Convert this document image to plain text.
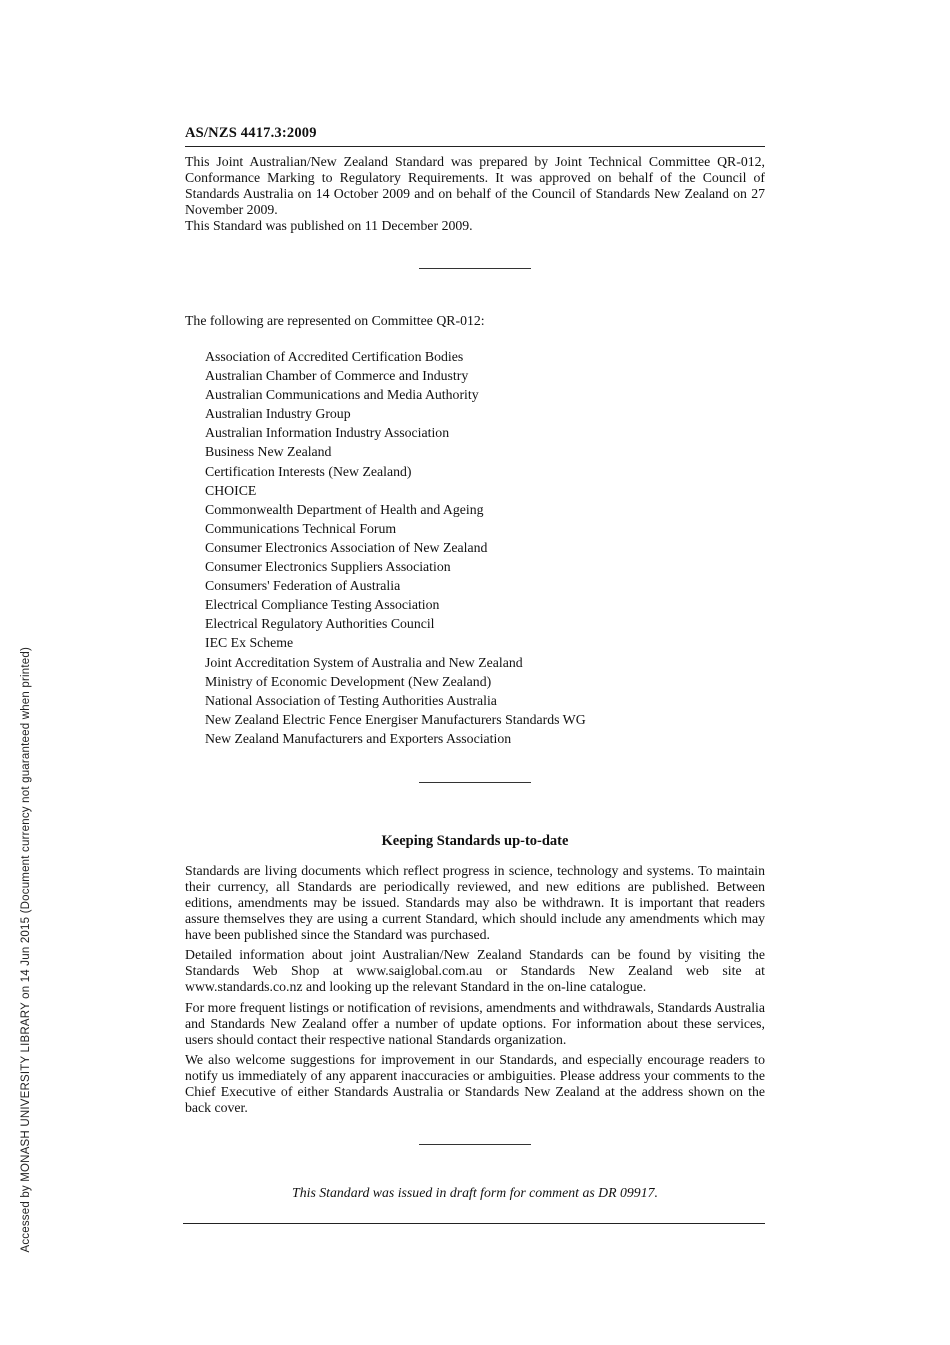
Accessed by MONASH UNIVERSITY LIBRARY on 14 Jun 2015 (Document currency not guaranteed when printed)
AS/NZS 4417.3:2009
This Joint Australian/New Zealand Standard was prepared by Joint Technical Committee QR-012, Conformance Marking to Regulatory Requirements. It was approved on behalf of the Council of Standards Australia on 14 October 2009 and on behalf of the Council of Standards New Zealand on 27 November 2009.
This Standard was published on 11 December 2009.
The following are represented on Committee QR-012:
Association of Accredited Certification Bodies
Australian Chamber of Commerce and Industry
Australian Communications and Media Authority
Australian Industry Group
Australian Information Industry Association
Business New Zealand
Certification Interests (New Zealand)
CHOICE
Commonwealth Department of Health and Ageing
Communications Technical Forum
Consumer Electronics Association of New Zealand
Consumer Electronics Suppliers Association
Consumers' Federation of Australia
Electrical Compliance Testing Association
Electrical Regulatory Authorities Council
IEC Ex Scheme
Joint Accreditation System of Australia and New Zealand
Ministry of Economic Development (New Zealand)
National Association of Testing Authorities Australia
New Zealand Electric Fence Energiser Manufacturers Standards WG
New Zealand Manufacturers and Exporters Association
Keeping Standards up-to-date
Standards are living documents which reflect progress in science, technology and systems. To maintain their currency, all Standards are periodically reviewed, and new editions are published. Between editions, amendments may be issued. Standards may also be withdrawn. It is important that readers assure themselves they are using a current Standard, which should include any amendments which may have been published since the Standard was purchased.
Detailed information about joint Australian/New Zealand Standards can be found by visiting the Standards Web Shop at www.saiglobal.com.au or Standards New Zealand web site at www.standards.co.nz and looking up the relevant Standard in the on-line catalogue.
For more frequent listings or notification of revisions, amendments and withdrawals, Standards Australia and Standards New Zealand offer a number of update options. For information about these services, users should contact their respective national Standards organization.
We also welcome suggestions for improvement in our Standards, and especially encourage readers to notify us immediately of any apparent inaccuracies or ambiguities. Please address your comments to the Chief Executive of either Standards Australia or Standards New Zealand at the address shown on the back cover.
This Standard was issued in draft form for comment as DR 09917.
